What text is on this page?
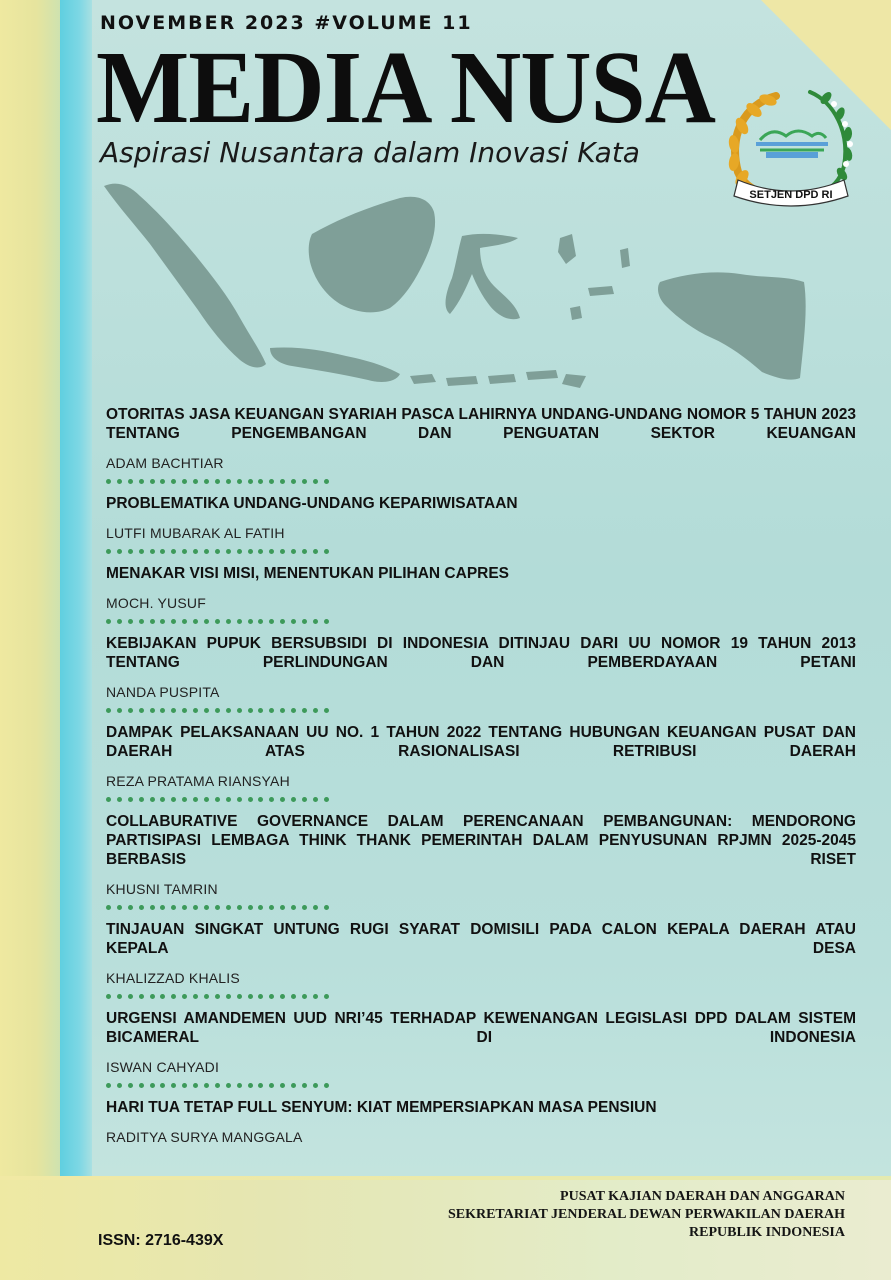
NOVEMBER 2023 #VOLUME 11
MEDIA NUSA
Aspirasi Nusantara dalam Inovasi Kata
SETJEN DPD RI

OTORITAS JASA KEUANGAN SYARIAH PASCA LAHIRNYA UNDANG-UNDANG NOMOR 5 TAHUN 2023 TENTANG PENGEMBANGAN DAN PENGUATAN SEKTOR KEUANGAN

ADAM BACHTIAR

PROBLEMATIKA UNDANG-UNDANG KEPARIWISATAAN

LUTFI MUBARAK AL FATIH

MENAKAR VISI MISI, MENENTUKAN PILIHAN CAPRES

MOCH. YUSUF

KEBIJAKAN PUPUK BERSUBSIDI DI INDONESIA DITINJAU DARI UU NOMOR 19 TAHUN 2013 TENTANG PERLINDUNGAN DAN PEMBERDAYAAN PETANI

NANDA PUSPITA

DAMPAK PELAKSANAAN UU NO. 1 TAHUN 2022 TENTANG HUBUNGAN KEUANGAN PUSAT DAN DAERAH ATAS RASIONALISASI RETRIBUSI DAERAH

REZA PRATAMA RIANSYAH

COLLABURATIVE GOVERNANCE DALAM PERENCANAAN PEMBANGUNAN: MENDORONG PARTISIPASI LEMBAGA THINK THANK PEMERINTAH DALAM PENYUSUNAN RPJMN 2025-2045 BERBASIS RISET

KHUSNI TAMRIN

TINJAUAN SINGKAT UNTUNG RUGI SYARAT DOMISILI PADA CALON KEPALA DAERAH ATAU KEPALA DESA

KHALIZZAD KHALIS

URGENSI AMANDEMEN UUD NRI’45 TERHADAP KEWENANGAN LEGISLASI DPD DALAM SISTEM BICAMERAL DI INDONESIA

ISWAN CAHYADI

HARI TUA TETAP FULL SENYUM: KIAT MEMPERSIAPKAN MASA PENSIUN

RADITYA SURYA MANGGALA
ISSN: 2716-439X
PUSAT KAJIAN DAERAH DAN ANGGARAN
SEKRETARIAT JENDERAL DEWAN PERWAKILAN DAERAH
REPUBLIK INDONESIA
